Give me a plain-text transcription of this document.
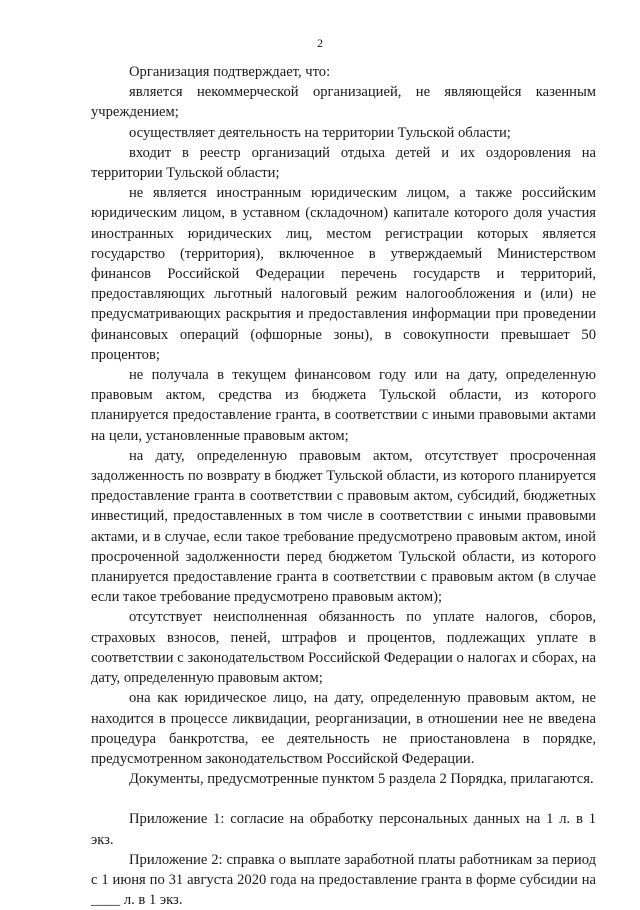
2

Организация подтверждает, что:

является некоммерческой организацией, не являющейся казенным учреждением;

осуществляет деятельность на территории Тульской области;

входит в реестр организаций отдыха детей и их оздоровления на территории Тульской области;

не является иностранным юридическим лицом, а также российским юридическим лицом, в уставном (складочном) капитале которого доля участия иностранных юридических лиц, местом регистрации которых является государство (территория), включенное в утверждаемый Министерством финансов Российской Федерации перечень государств и территорий, предоставляющих льготный налоговый режим налогообложения и (или) не предусматривающих раскрытия и предоставления информации при проведении финансовых операций (офшорные зоны), в совокупности превышает 50 процентов;

не получала в текущем финансовом году или на дату, определенную правовым актом, средства из бюджета Тульской области, из которого планируется предоставление гранта, в соответствии с иными правовыми актами на цели, установленные правовым актом;

на дату, определенную правовым актом, отсутствует просроченная задолженность по возврату в бюджет Тульской области, из которого планируется предоставление гранта в соответствии с правовым актом, субсидий, бюджетных инвестиций, предоставленных в том числе в соответствии с иными правовыми актами, и в случае, если такое требование предусмотрено правовым актом, иной просроченной задолженности перед бюджетом Тульской области, из которого планируется предоставление гранта в соответствии с правовым актом (в случае если такое требование предусмотрено правовым актом);

отсутствует неисполненная обязанность по уплате налогов, сборов, страховых взносов, пеней, штрафов и процентов, подлежащих уплате в соответствии с законодательством Российской Федерации о налогах и сборах, на дату, определенную правовым актом;

она как юридическое лицо, на дату, определенную правовым актом, не находится в процессе ликвидации, реорганизации, в отношении нее не введена процедура банкротства, ее деятельность не приостановлена в порядке, предусмотренном законодательством Российской Федерации.

Документы, предусмотренные пунктом 5 раздела 2 Порядка, прилагаются.

Приложение 1: согласие на обработку персональных данных на 1 л. в 1 экз.

Приложение 2: справка о выплате заработной платы работникам за период с 1 июня по 31 августа 2020 года на предоставление гранта в форме субсидии на ____ л. в 1 экз.
